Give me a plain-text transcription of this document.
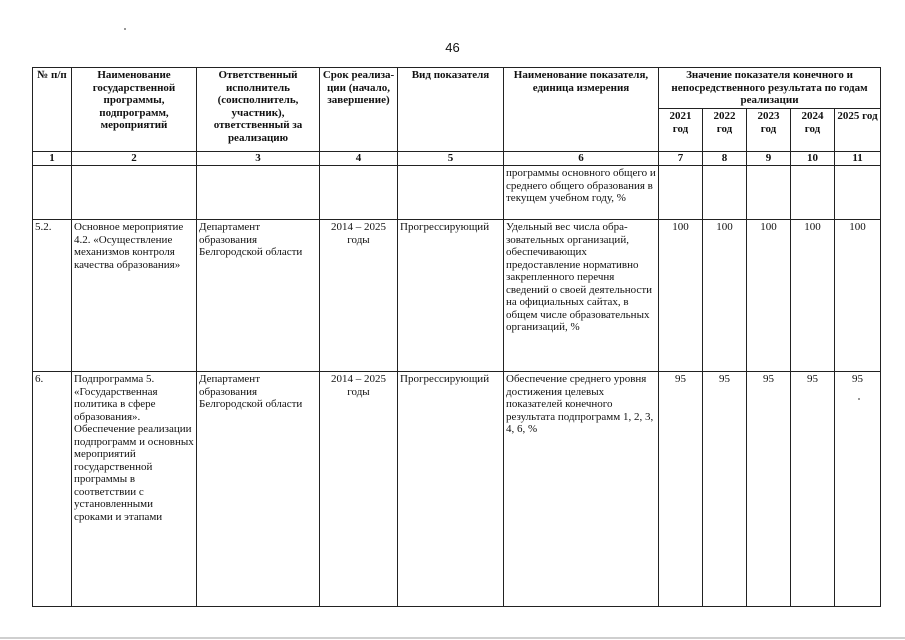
46
№ п/п	Наименование государственной программы, подпрограмм, мероприятий	Ответственный исполнитель (соисполнитель, участник), ответственный за реализацию	Срок реализа-ции (начало, завершение)	Вид показателя	Наименование показателя, единица измерения	Значение показателя конечного и непосредственного результата по годам реализации				
						2021 год	2022 год	2023 год	2024 год	2025 год
1	2	3	4	5	6	7	8	9	10	11
					программы основного общего и среднего общего образования в текущем учебном году, %					
5.2.	Основное мероприятие 4.2. «Осуществление механизмов контроля качества образования»	Департамент образования Белгородской области	2014 – 2025 годы	Прогрессирующий	Удельный вес числа обра-зовательных организаций, обеспечивающих предоставление нормативно закрепленного перечня сведений о своей деятельности на официальных сайтах, в общем числе образовательных организаций, %	100	100	100	100	100
6.	Подпрограмма 5. «Государственная политика в сфере образования». Обеспечение реализации подпрограмм и основных мероприятий государственной программы в соответствии с установленными сроками и этапами	Департамент образования Белгородской области	2014 – 2025 годы	Прогрессирующий	Обеспечение среднего уровня достижения целевых показателей конечного результата подпрограмм 1, 2, 3, 4, 6, %	95	95	95	95	95
